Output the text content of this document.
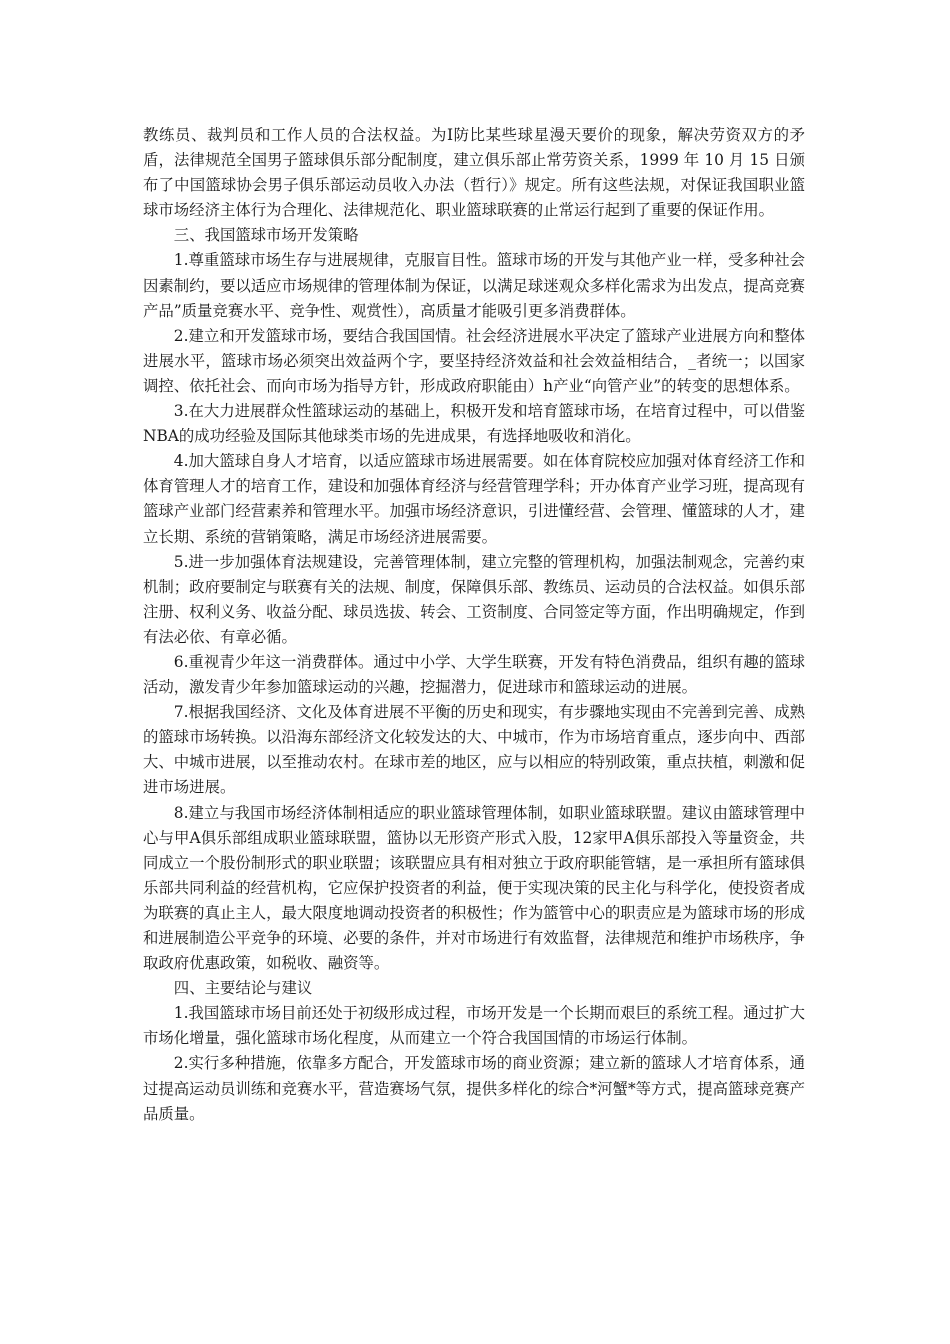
教练员、裁判员和工作人员的合法权益。为Ⅰ防比某些球星漫天要价的现象，解决劳资双方的矛盾，法律规范全国男子篮球俱乐部分配制度，建立俱乐部止常劳资关系，1999 年 10 月 15 日颁布了中国篮球协会男子俱乐部运动员收入办法（哲行）》规定。所有这些法规，对保证我国职业篮球市场经济主体行为合理化、法律规范化、职业篮球联赛的止常运行起到了重要的保证作用。

三、我国篮球市场开发策略

1.尊重篮球市场生存与进展规律，克服盲目性。篮球市场的开发与其他产业一样，受多种社会因素制约，要以适应市场规律的管理体制为保证，以满足球迷观众多样化需求为出发点，提高竞赛产品”质量竞赛水平、竞争性、观赏性），高质量才能吸引更多消费群体。

2.建立和开发篮球市场，要结合我国国情。社会经济进展水平决定了篮球产业进展方向和整体进展水平，篮球市场必须突出效益两个字，要坚持经济效益和社会效益相结合，_者统一；以国家调控、依托社会、而向市场为指导方针，形成政府职能由）h产业“向管产业”的转变的思想体系。

3.在大力进展群众性篮球运动的基础上，积极开发和培育篮球市场，在培育过程中，可以借鉴NBA的成功经验及国际其他球类市场的先进成果，有选择地吸收和消化。

4.加大篮球自身人才培育，以适应篮球市场进展需要。如在体育院校应加强对体育经济工作和体育管理人才的培育工作，建设和加强体育经济与经营管理学科；开办体育产业学习班，提高现有篮球产业部门经营素养和管理水平。加强市场经济意识，引进懂经营、会管理、懂篮球的人才，建立长期、系统的营销策略，满足市场经济进展需要。

5.进一步加强体育法规建设，完善管理体制，建立完整的管理机构，加强法制观念，完善约束机制；政府要制定与联赛有关的法规、制度，保障俱乐部、教练员、运动员的合法权益。如俱乐部注册、权利义务、收益分配、球员选拔、转会、工资制度、合同签定等方面，作出明确规定，作到有法必依、有章必循。

6.重视青少年这一消费群体。通过中小学、大学生联赛，开发有特色消费品，组织有趣的篮球活动，激发青少年参加篮球运动的兴趣，挖掘潜力，促进球市和篮球运动的进展。

7.根据我国经济、文化及体育进展不平衡的历史和现实，有步骤地实现由不完善到完善、成熟的篮球市场转换。以沿海东部经济文化较发达的大、中城市，作为市场培育重点，逐步向中、西部大、中城市进展，以至推动农村。在球市差的地区，应与以相应的特别政策，重点扶植，刺激和促进市场进展。

8.建立与我国市场经济体制相适应的职业篮球管理体制，如职业篮球联盟。建议由篮球管理中心与甲A俱乐部组成职业篮球联盟，篮协以无形资产形式入股，12家甲A俱乐部投入等量资金，共同成立一个股份制形式的职业联盟；该联盟应具有相对独立于政府职能管辖，是一承担所有篮球俱乐部共同利益的经营机构，它应保护投资者的利益，便于实现决策的民主化与科学化，使投资者成为联赛的真止主人，最大限度地调动投资者的积极性；作为篮管中心的职责应是为篮球市场的形成和进展制造公平竞争的环境、必要的条件，并对市场进行有效监督，法律规范和维护市场秩序，争取政府优惠政策，如税收、融资等。

四、主要结论与建议

1.我国篮球市场目前还处于初级形成过程，市场开发是一个长期而艰巨的系统工程。通过扩大市场化增量，强化篮球市场化程度，从而建立一个符合我国国情的市场运行体制。

2.实行多种措施，依靠多方配合，开发篮球市场的商业资源；建立新的篮球人才培育体系，通过提高运动员训练和竞赛水平，营造赛场气氛，提供多样化的综合*河蟹*等方式，提高篮球竞赛产品质量。
